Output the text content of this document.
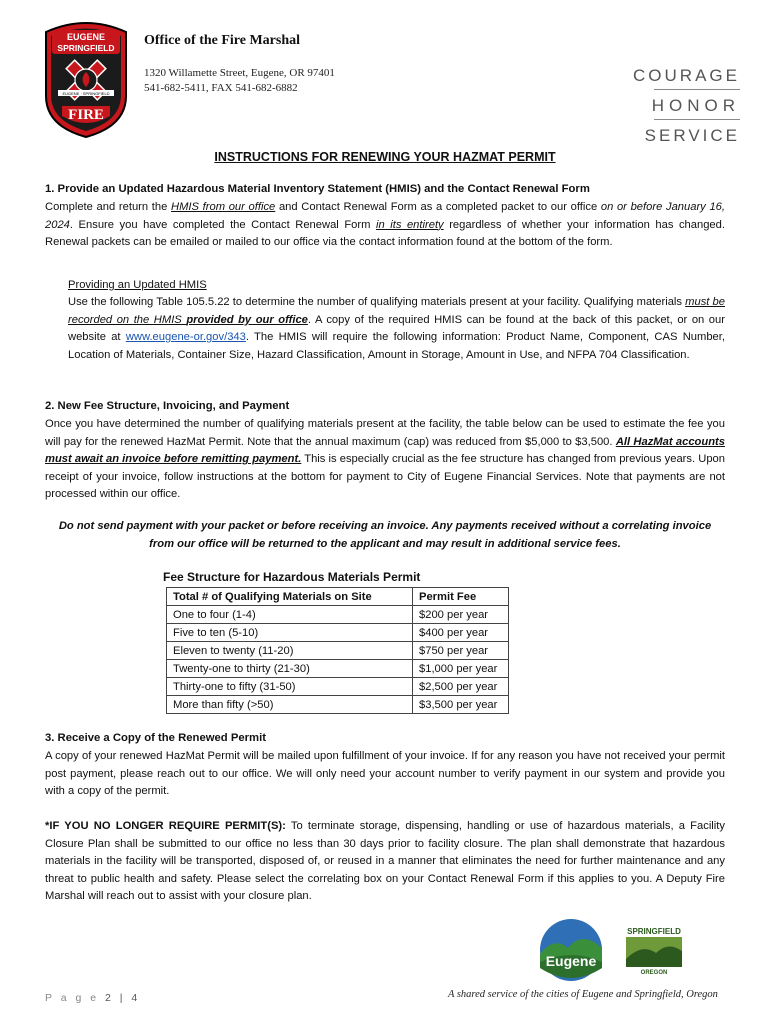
EUGENE
SPRINGFIELD
EUGENE · SPRINGFIELD
FIRE
Office of the Fire Marshal
1320 Willamette Street, Eugene, OR 97401
541-682-5411, FAX 541-682-6882
COURAGE
HONOR
SERVICE
INSTRUCTIONS FOR RENEWING YOUR HAZMAT PERMIT
1. Provide an Updated Hazardous Material Inventory Statement (HMIS) and the Contact Renewal Form
Complete and return the HMIS from our office and Contact Renewal Form as a completed packet to our office on or before January 16, 2024. Ensure you have completed the Contact Renewal Form in its entirety regardless of whether your information has changed. Renewal packets can be emailed or mailed to our office via the contact information found at the bottom of the form.
Providing an Updated HMIS
Use the following Table 105.5.22 to determine the number of qualifying materials present at your facility. Qualifying materials must be recorded on the HMIS provided by our office. A copy of the required HMIS can be found at the back of this packet, or on our website at www.eugene-or.gov/343. The HMIS will require the following information: Product Name, Component, CAS Number, Location of Materials, Container Size, Hazard Classification, Amount in Storage, Amount in Use, and NFPA 704 Classification.
2. New Fee Structure, Invoicing, and Payment
Once you have determined the number of qualifying materials present at the facility, the table below can be used to estimate the fee you will pay for the renewed HazMat Permit. Note that the annual maximum (cap) was reduced from $5,000 to $3,500. All HazMat accounts must await an invoice before remitting payment. This is especially crucial as the fee structure has changed from previous years. Upon receipt of your invoice, follow instructions at the bottom for payment to City of Eugene Financial Services. Note that payments are not processed within our office.
Do not send payment with your packet or before receiving an invoice. Any payments received without a correlating invoice from our office will be returned to the applicant and may result in additional service fees.
Fee Structure for Hazardous Materials Permit
Total # of Qualifying Materials on Site	Permit Fee
One to four (1-4)	$200 per year
Five to ten (5-10)	$400 per year
Eleven to twenty (11-20)	$750 per year
Twenty-one to thirty (21-30)	$1,000 per year
Thirty-one to fifty (31-50)	$2,500 per year
More than fifty (>50)	$3,500 per year
3. Receive a Copy of the Renewed Permit
A copy of your renewed HazMat Permit will be mailed upon fulfillment of your invoice. If for any reason you have not received your permit post payment, please reach out to our office. We will only need your account number to verify payment in our system and provide you with a copy of the permit.
*IF YOU NO LONGER REQUIRE PERMIT(S): To terminate storage, dispensing, handling or use of hazardous materials, a Facility Closure Plan shall be submitted to our office no less than 30 days prior to facility closure. The plan shall demonstrate that hazardous materials in the facility will be transported, disposed of, or reused in a manner that eliminates the need for further maintenance and any threat to public health and safety. Please select the correlating box on your Contact Renewal Form if this applies to you. A Deputy Fire Marshal will reach out to assist with your closure plan.
Eugene
SPRINGFIELD
OREGON
P a g e 2 | 4	A shared service of the cities of Eugene and Springfield, Oregon
